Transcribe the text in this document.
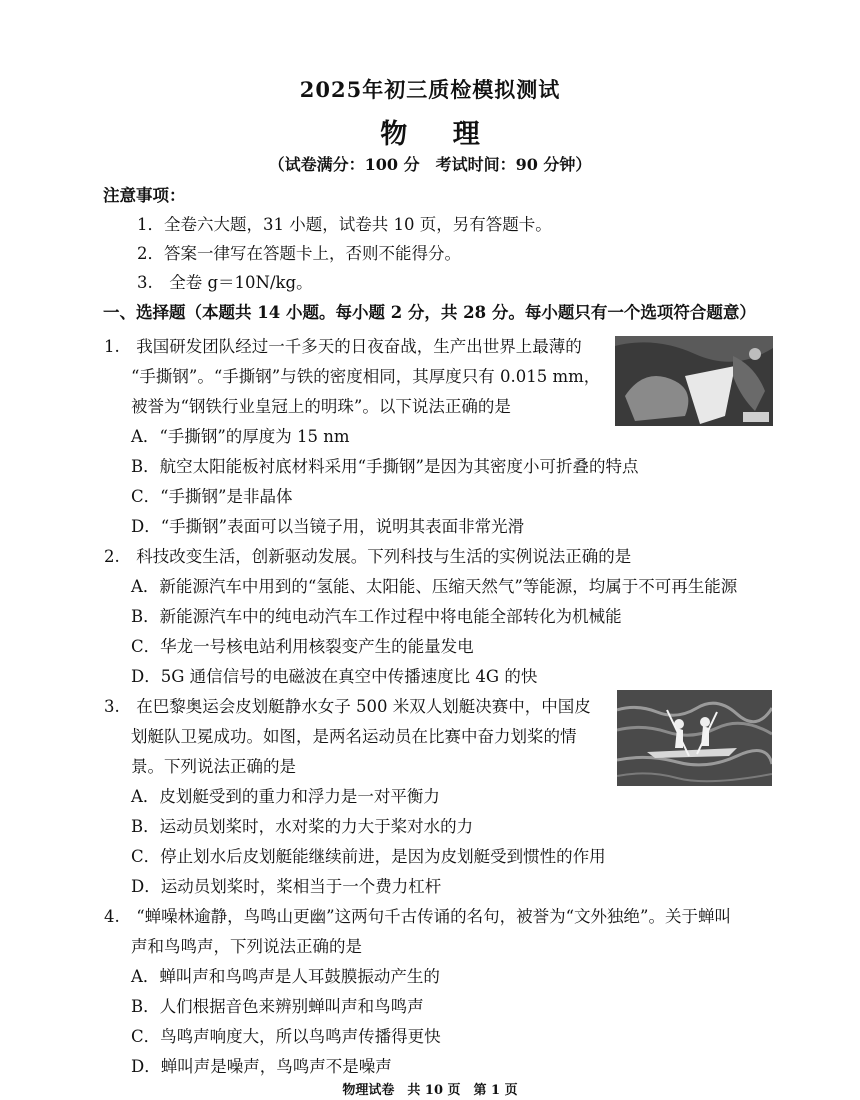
2025年初三质检模拟测试
物 理
（试卷满分：100 分　考试时间：90 分钟）
注意事项：
1．全卷六大题，31 小题，试卷共 10 页，另有答题卡。
2．答案一律写在答题卡上，否则不能得分。
3.　全卷 g＝10N/kg。
一、选择题（本题共 14 小题。每小题 2 分，共 28 分。每小题只有一个选项符合题意）
1.　我国研发团队经过一千多天的日夜奋战，生产出世界上最薄的
“手撕钢”。“手撕钢”与铁的密度相同，其厚度只有 0.015 mm，
被誉为“钢铁行业皇冠上的明珠”。以下说法正确的是
A．“手撕钢”的厚度为 15 nm
B．航空太阳能板衬底材料采用“手撕钢”是因为其密度小可折叠的特点
C．“手撕钢”是非晶体
D．“手撕钢”表面可以当镜子用，说明其表面非常光滑
2.　科技改变生活，创新驱动发展。下列科技与生活的实例说法正确的是
A．新能源汽车中用到的“氢能、太阳能、压缩天然气”等能源，均属于不可再生能源
B．新能源汽车中的纯电动汽车工作过程中将电能全部转化为机械能
C．华龙一号核电站利用核裂变产生的能量发电
D．5G 通信信号的电磁波在真空中传播速度比 4G 的快
3.　在巴黎奥运会皮划艇静水女子 500 米双人划艇决赛中，中国皮
划艇队卫冕成功。如图，是两名运动员在比赛中奋力划桨的情
景。下列说法正确的是
A．皮划艇受到的重力和浮力是一对平衡力
B．运动员划桨时，水对桨的力大于桨对水的力
C．停止划水后皮划艇能继续前进，是因为皮划艇受到惯性的作用
D．运动员划桨时，桨相当于一个费力杠杆
4.　“蝉噪林逾静，鸟鸣山更幽”这两句千古传诵的名句，被誉为“文外独绝”。关于蝉叫
声和鸟鸣声，下列说法正确的是
A．蝉叫声和鸟鸣声是人耳鼓膜振动产生的
B．人们根据音色来辨别蝉叫声和鸟鸣声
C．鸟鸣声响度大，所以鸟鸣声传播得更快
D．蝉叫声是噪声，鸟鸣声不是噪声
物理试卷　共 10 页　第 1 页
